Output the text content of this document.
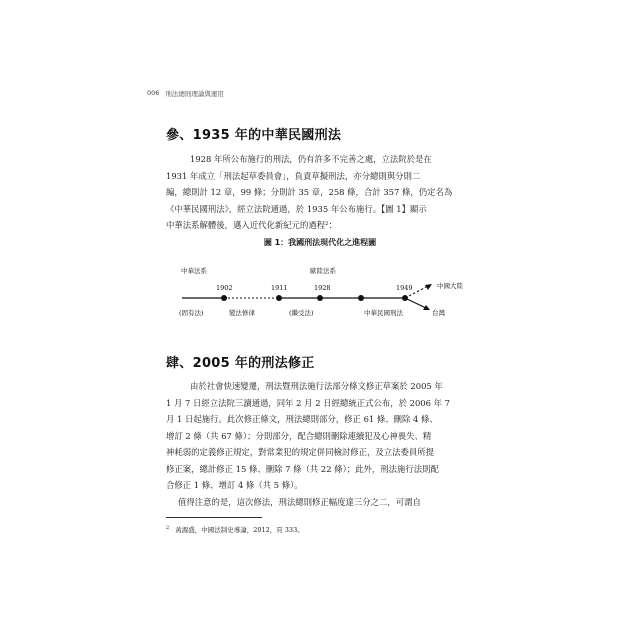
006 刑法總則理論與運用
參、1935 年的中華民國刑法

1928 年所公布施行的刑法，仍有許多不完善之處，立法院於是在
1931 年成立「刑法起草委員會」，負責草擬刑法，亦分總則與分則二
編，總則計 12 章，99 條；分則計 35 章，258 條，合計 357 條，仍定名為
《中華民國刑法》，經立法院通過，於 1935 年公布施行。【圖 1】顯示
中華法系解體後，邁入近代化新紀元的過程²：

圖 1：我國刑法現代化之進程圖
中華法系	歐陸法系
1902	1911	1928	1949	中國大陸
台灣
(固有法)	變法修律	(繼受法)	中華民國刑法
肆、2005 年的刑法修正

由於社會快速變遷，刑法暨刑法施行法部分條文修正草案於 2005 年
1 月 7 日經立法院三讀通過，同年 2 月 2 日經總統正式公布，於 2006 年 7
月 1 日起施行。此次修正條文，刑法總則部分，修正 61 條、刪除 4 條、
增訂 2 條（共 67 條）；分則部分，配合總則刪除連續犯及心神喪失、精
神耗弱的定義修正規定，對常業犯的規定併同檢討修正，及立法委員所提
修正案，總計修正 15 條、刪除 7 條（共 22 條）；此外，刑法施行法則配
合修正 1 條、增訂 4 條（共 5 條）。
值得注意的是，這次修法，刑法總則修正幅度達三分之二，可謂自

$^2$ 黃源盛，中國法制史導論，2012，頁 333。
